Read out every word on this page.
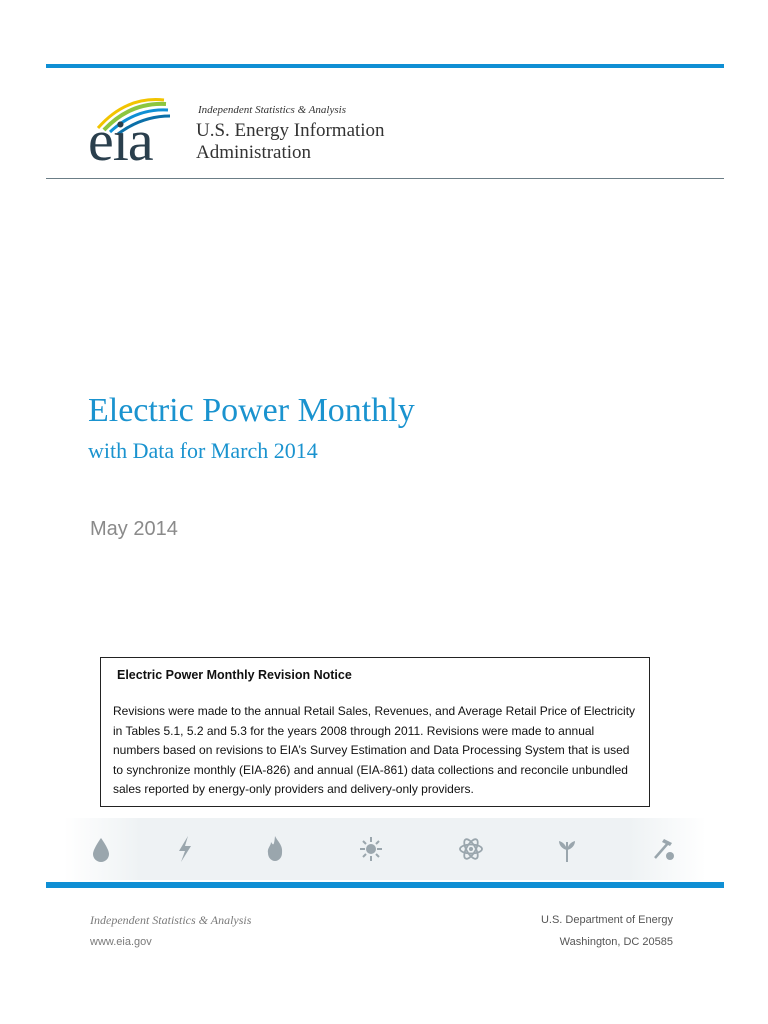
eia	Independent Statistics & Analysis
U.S. Energy Information
Administration
Electric Power Monthly
with Data for March 2014
May 2014
Electric Power Monthly Revision Notice
Revisions were made to the annual Retail Sales, Revenues, and Average Retail Price of Electricity in Tables 5.1, 5.2 and 5.3 for the years 2008 through 2011. Revisions were made to annual numbers based on revisions to EIA’s Survey Estimation and Data Processing System that is used to synchronize monthly (EIA-826) and annual (EIA-861) data collections and reconcile unbundled sales reported by energy-only providers and delivery-only providers.
Independent Statistics & Analysis
www.eia.gov
U.S. Department of Energy
Washington, DC 20585
